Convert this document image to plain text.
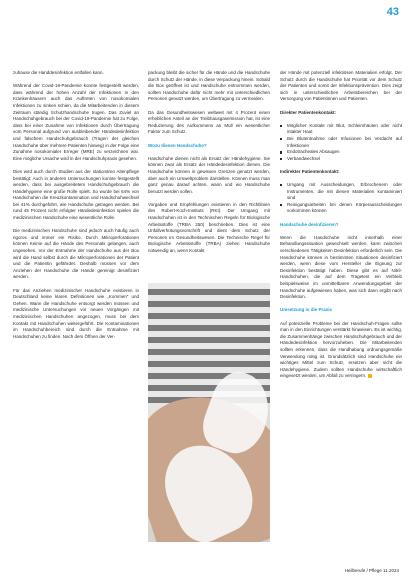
43

zuhause die Handdesinfektion entfallen kann.

Während der Covid-19-Pandemie konnte festgestellt werden, dass während der hohen Anzahl der Infektionen in den Krankenhäusern auch das Auftreten von nosokomialen Infektionen zu sinken schien, da die Mitarbeitenden in diesem Zeitraum ständig Schutzhandschuhe trugen. Das Zuviel an Handschuhgebrauch bei der Covid-19-Pandemie hat zu Folge, dass bei einer Zunahme von Infektionen durch Übertragung vom Personal aufgrund von ausbleibender Händedesinfektion und falschem Handschuhgebrauch (Tragen der gleichen Handschuhe über mehrere Patienten hinweg) in der Folge eine Zunahme nosokomialer Erreger (MRE) zu verzeichnen war. Eine mögliche Ursache wird in der Handschuhpraxis gesehen.

Dies wird auch durch Studien aus der stationären Altenpflege bestätigt: Auch in anderen Untersuchungen konnte festgestellt werden, dass bei ausgebreitetem Handschuhgebrauch die Händehygiene eine große Rolle spielt. So wurde bei 64% von Handschuhen die Kreuzkontamination und Handschuhwechsel bei 41% durchgeführt, wie Handschuhe getragen werden. Bei rund 45 Prozent nicht erfolgter Händedesinfektion spielen die medizinischen Handschuhe eine wesentliche Rolle.

Die medizinischen Handschuhe sind jedoch auch häufig auch rigoros und immer ein Risiko. Durch Mikroperforationen können Keime auf die Hände des Personals gelangen, auch ungesehen. Vor der Entnahme der Handschuhe aus der Box wird die Hand selbst durch die Mikroperforationen der Patient und die Patientin gefährdet. Deshalb müssen vor dem Anziehen der Handschuhe die Hände gereinigt desinfiziert werden.

Für das Anziehen medizinischer Handschuhe existieren in Deutschland keine klaren Definitionen wie „Kommen“ und Gehen. Wann die Handschuhe entsorgt werden müssen und medizinische Untersuchungen vor neuen Vorgängen mit medizinischen Handschuhen angezogen, muss bei dem Kontakt mit Handschuhen weitergeführt. Die Kontaminationen im Handschuhbereich sind durch die Entnahme mit Handschuhen zu finden. Nach dem Öffnen der Ver-

packung bleibt die sicher für die Hände und die Handschuhe durch Schutz der Hände, in diese Verpackung hinein. Sobald die Box geöffnet ist und Handschuhe entnommen werden, sollten Handschuhe dafür nicht mehr mit unterschiedlichen Personen genutzt werden, um Übertragung zu vermeiden.

Da das Gesundheitswesen weltweit mit 4 Prozent einen erheblichen Anteil an der Treibhausgasemission hat, ist eine Reduzierung des Aufkommens an Müll ein wesentlicher Faktor zum Schutz.

Wozu dienen Handschuhe?

Handschuhe dienen nicht als Ersatz der Händehygiene. Sie können zwar als Ersatz der Händedesinfektion dienen. Die Handschuhe können in gewissen Grenzen genutzt werden, aber auch ein Umweltproblem darstellen. Können muss man ganz genau darauf achten, wann und wo Handschuhe benutzt werden sollen.

Vorgaben und Empfehlungen existieren in den Richtlinien des Robert-Koch-Instituts (RKI). Der Umgang mit Handschuhen ist in den Technischen Regeln für Biologische Arbeitsstoffe (TRBA 250) beschrieben. Dies ist eine Unfallverhütungsvorschrift und dient dem Schutz der Personen im Gesundheitswesen. Die Technische Regel für Biologische Arbeitsstoffe (TRBA) ziehen Handschuhe notwendig an, wenn Kontakt

der Hände mit potenziell infektiösen Materialien erfolgt. Der Schutz durch die Handschuhe hat Priorität vor dem Schutz der Patienten und somit der Infektionsprävention. Dies zeigt sich in unterschiedlichen Arbeitsbereichen bei der Versorgung von Patientinnen und Patienten.

Direkter Patientenkontakt:

Möglicher Kontakt mit Blut, Schleimhäuten oder nicht intakter Haut
Bei Blutentnahme oder Infusionen bei Verdacht auf Infektionen
Endotracheales Absaugen
Verbandwechsel

Indirekter Patientenkontakt:

Umgang mit Ausscheidungen, Erbrochenem oder Instrumenten, die mit diesen Materialien kontaminiert sind
Reinigungsarbeiten bei denen Körperausscheidungen vorkommen können

Handschuhe desinfizieren?

Wenn die Handschuhe nicht innerhalb einer Behandlungssituation gewechselt werden, kann zwischen verschiedenen Tätigkeiten Desinfektion erforderlich sein. Die Handschuhe können in bestimmten Situationen desinfiziert werden, wenn diese vom Hersteller die Eignung zur Desinfektion bestätigt haben. Diese gibt es auf Nitril-Handschuhen, die auf dem Tragetest ein Verbleib beispielsweise im unmittelbaren Anwendungsgebiet der Handschuhe aufgewiesen haben, was sich dann ergibt nach Desinfektion.

Umsetzung in die Praxis

Auf potenzielle Probleme bei der Handschuh-Fragen sollte man in den Einrichtungen verstärkt hinweisen. Es ist wichtig, die Zusammenhänge zwischen Handschuhgebrauch und der Händedesinfektion hervorzuheben. Die Mitarbeitenden sollten erkennen, dass die Handhabung ordnungsgemäße Verwendung nötig ist. Grundsätzlich sind Handschuhe ein wichtiges Mittel zum Schutz, ersetzen aber nicht die Händehygiene. Zudem sollten Handschuhe wirtschaftlich eingesetzt werden, um Abfall zu verringern.

Heilberufe / Pflege 11.2024
